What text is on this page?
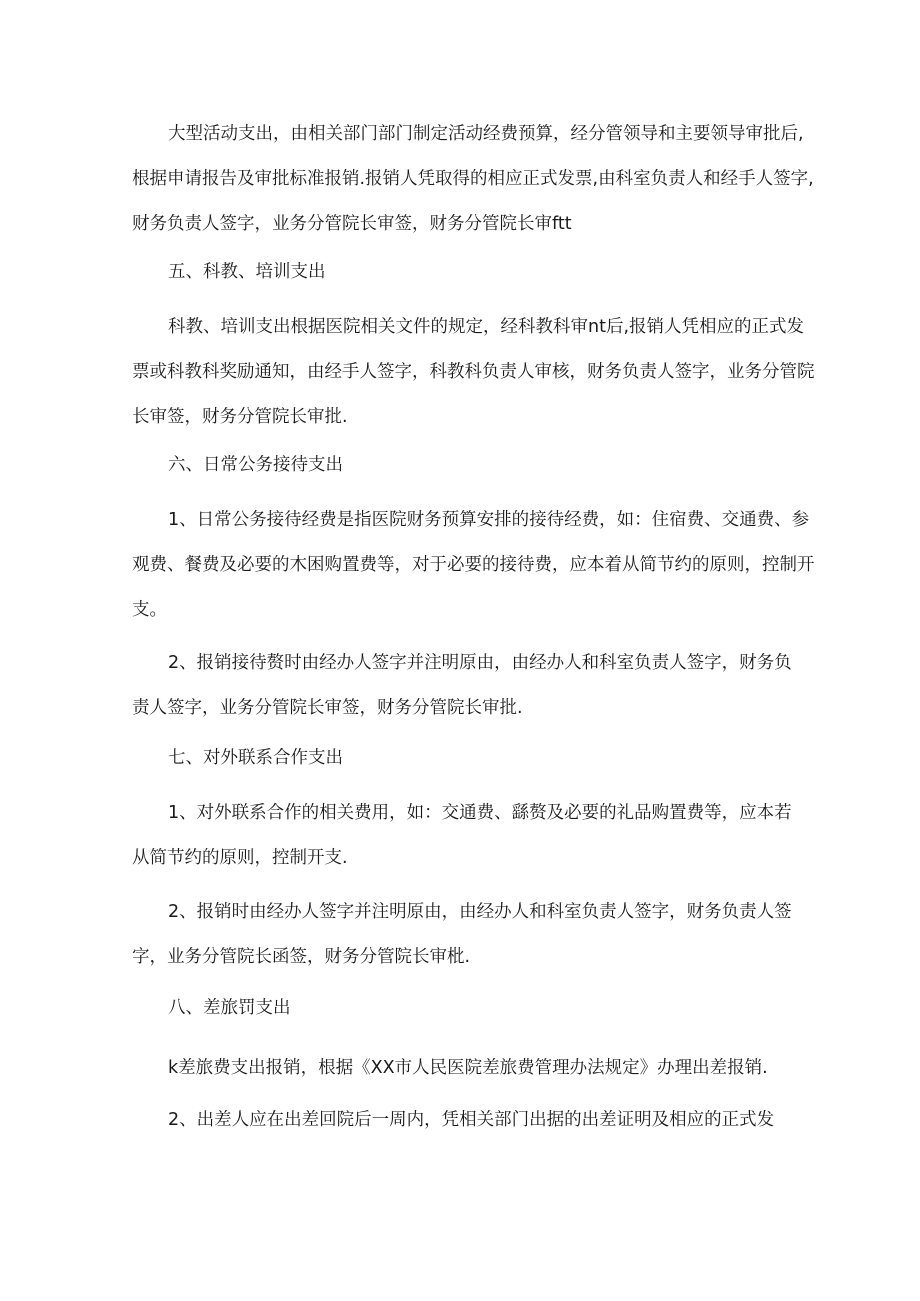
大型活动支出，由相关部门部门制定活动经费预算，经分管领导和主要领导审批后,
根据申请报告及审批标准报销.报销人凭取得的相应正式发票,由科室负责人和经手人签字,
财务负责人签字，业务分管院长审签，财务分管院长审ftt
五、科教、培训支出
科教、培训支出根据医院相关文件的规定，经科教科审nt后,报销人凭相应的正式发
票或科教科奖励通知，由经手人签字，科教科负责人审核，财务负责人签字，业务分管院
长审签，财务分管院长审批.
六、日常公务接待支出
1、日常公务接待经费是指医院财务预算安排的接待经费，如：住宿费、交通费、参
观费、餐费及必要的木困购置费等，对于必要的接待费，应本着从简节约的原则，控制开
支。
2、报销接待赘时由经办人签字并注明原由，由经办人和科室负责人签字，财务负
责人签字，业务分管院长审签，财务分管院长审批.
七、对外联系合作支出
1、对外联系合作的相关费用，如：交通费、繇赘及必要的礼品购置费等，应本若
从简节约的原则，控制开支.
2、报销时由经办人签字并注明原由，由经办人和科室负责人签字，财务负责人签
字，业务分管院长函签，财务分管院长审枇.
八、差旅罚支出
k差旅费支出报销，根据《XX市人民医院差旅费管理办法规定》办理出差报销.
2、出差人应在出差回院后一周内，凭相关部门出据的出差证明及相应的正式发
